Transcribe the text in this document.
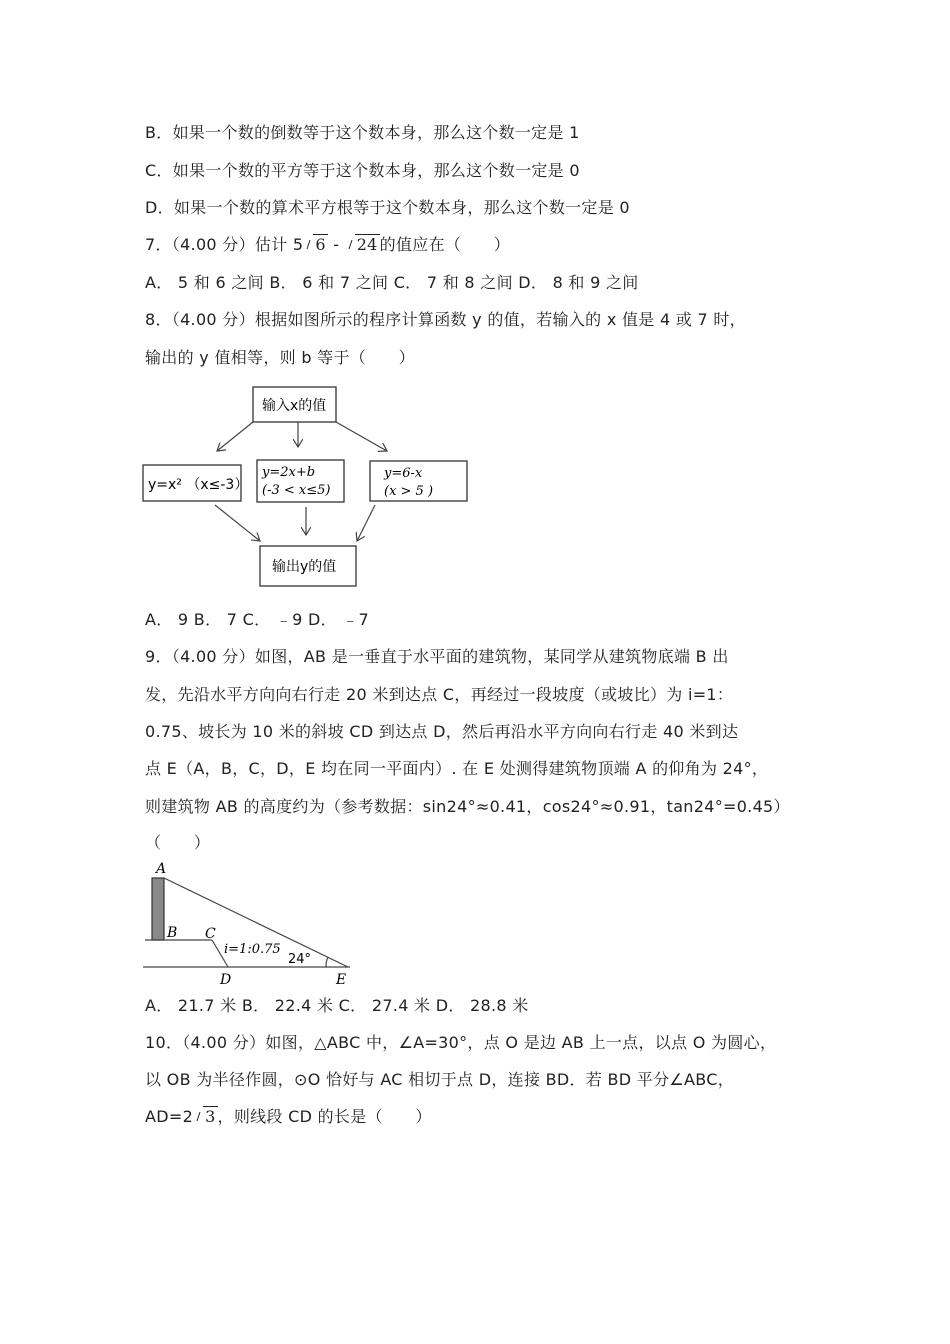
B．如果一个数的倒数等于这个数本身，那么这个数一定是 1
C．如果一个数的平方等于这个数本身，那么这个数一定是 0
D．如果一个数的算术平方根等于这个数本身，那么这个数一定是 0
7．（4.00 分）估计 5 6 - 24 的值应在（　　）
A． 5 和 6 之间 B． 6 和 7 之间 C． 7 和 8 之间 D． 8 和 9 之间
8．（4.00 分）根据如图所示的程序计算函数 y 的值，若输入的 x 值是 4 或 7 时，
输出的 y 值相等，则 b 等于（　　）
输入x的值
y=x² （x≤-3）
y=2x+b
(-3 < x≤5)
y=6-x
(x > 5 )
输出y的值
A． 9 B． 7 C． ﹣9 D． ﹣7
9．（4.00 分）如图，AB 是一垂直于水平面的建筑物，某同学从建筑物底端 B 出
发，先沿水平方向向右行走 20 米到达点 C，再经过一段坡度（或坡比）为 i=1：
0.75、坡长为 10 米的斜坡 CD 到达点 D，然后再沿水平方向向右行走 40 米到达
点 E（A，B，C，D，E 均在同一平面内）. 在 E 处测得建筑物顶端 A 的仰角为 24°，
则建筑物 AB 的高度约为（参考数据：sin24°≈0.41，cos24°≈0.91，tan24°=0.45）
（　　）
A
B C
D	E
i=1:0.75
24°
A． 21.7 米 B． 22.4 米 C． 27.4 米 D． 28.8 米
10．（4.00 分）如图，△ABC 中，∠A=30°，点 O 是边 AB 上一点，以点 O 为圆心，
以 OB 为半径作圆，⊙O 恰好与 AC 相切于点 D，连接 BD．若 BD 平分∠ABC，
AD=2 3 ，则线段 CD 的长是（　　）
